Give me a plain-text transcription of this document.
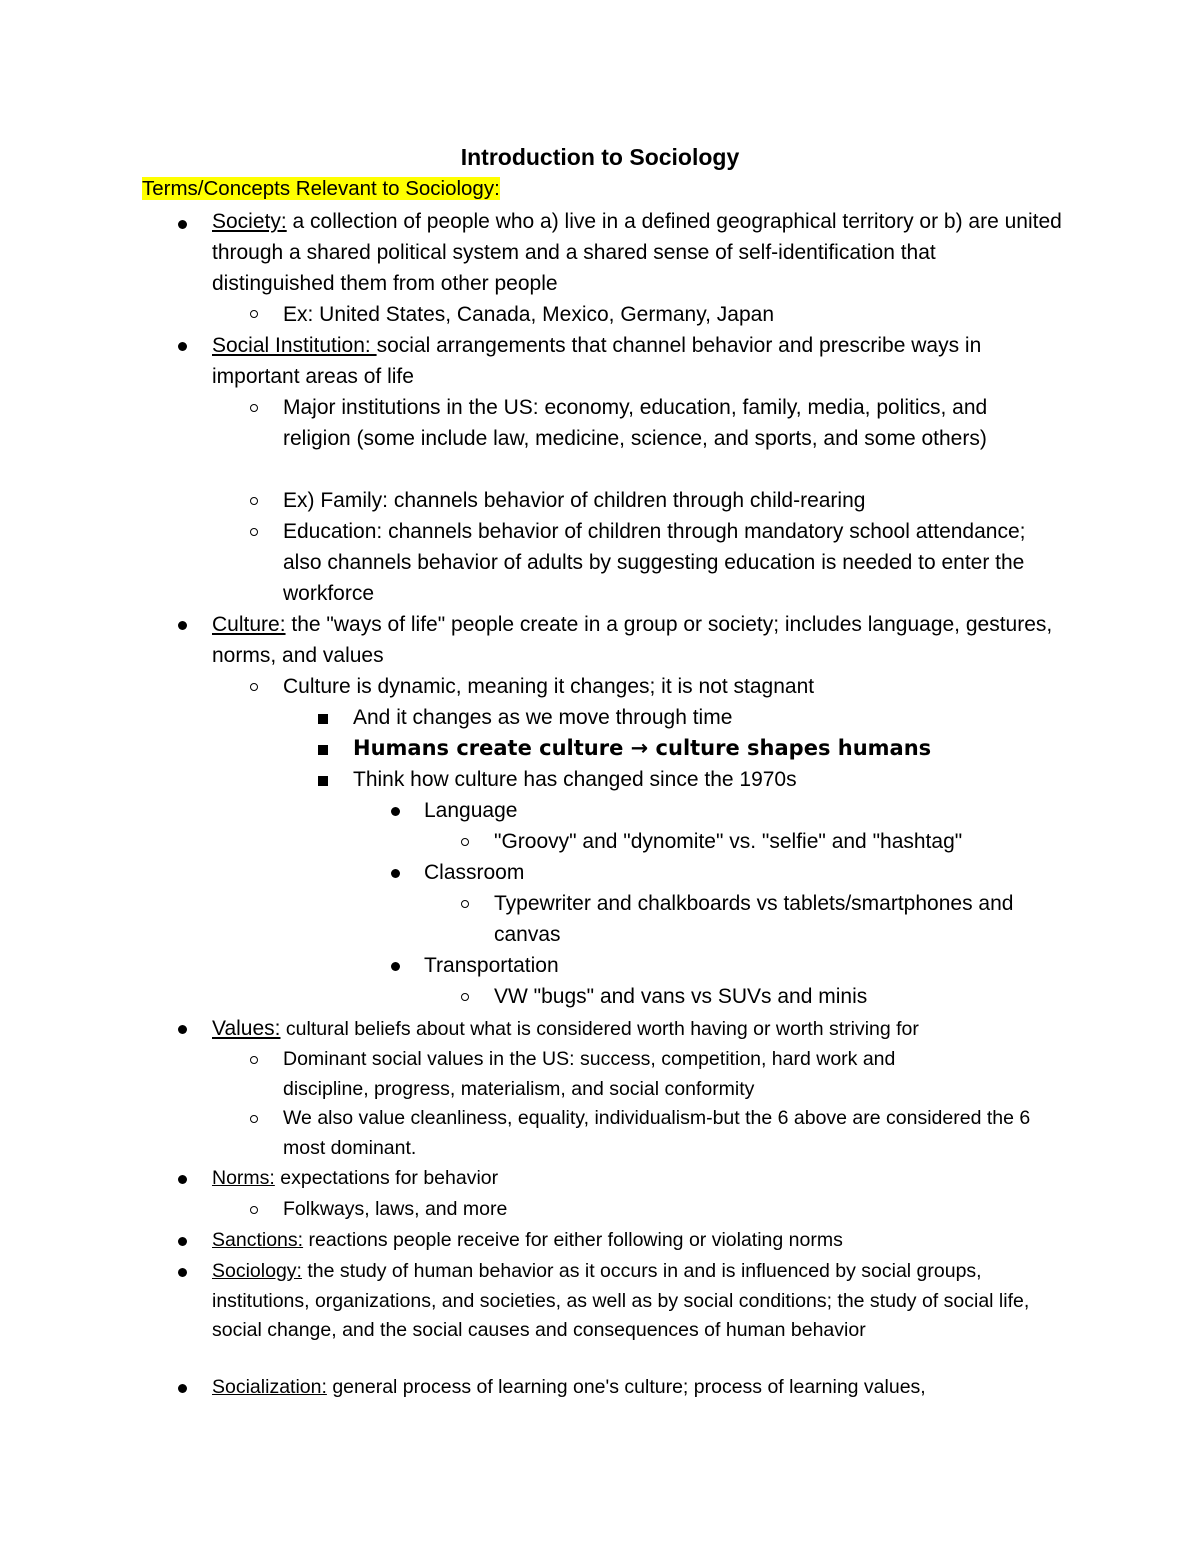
Introduction to Sociology
Terms/Concepts Relevant to Sociology:
Society: a collection of people who a) live in a defined geographical territory or b) are united through a shared political system and a shared sense of self-identification that distinguished them from other people
Ex: United States, Canada, Mexico, Germany, Japan
Social Institution: social arrangements that channel behavior and prescribe ways in important areas of life
Major institutions in the US: economy, education, family, media, politics, and religion (some include law, medicine, science, and sports, and some others)
Ex) Family: channels behavior of children through child-rearing
Education: channels behavior of children through mandatory school attendance; also channels behavior of adults by suggesting education is needed to enter the workforce
Culture: the "ways of life" people create in a group or society; includes language, gestures, norms, and values
Culture is dynamic, meaning it changes; it is not stagnant
And it changes as we move through time
Humans create culture → culture shapes humans
Think how culture has changed since the 1970s
Language
"Groovy" and "dynomite" vs. "selfie" and "hashtag"
Classroom
Typewriter and chalkboards vs tablets/smartphones and canvas
Transportation
VW "bugs" and vans vs SUVs and minis
Values: cultural beliefs about what is considered worth having or worth striving for
Dominant social values in the US: success, competition, hard work and discipline, progress, materialism, and social conformity
We also value cleanliness, equality, individualism-but the 6 above are considered the 6 most dominant.
Norms: expectations for behavior
Folkways, laws, and more
Sanctions: reactions people receive for either following or violating norms
Sociology: the study of human behavior as it occurs in and is influenced by social groups, institutions, organizations, and societies, as well as by social conditions; the study of social life, social change, and the social causes and consequences of human behavior
Socialization: general process of learning one's culture; process of learning values,
